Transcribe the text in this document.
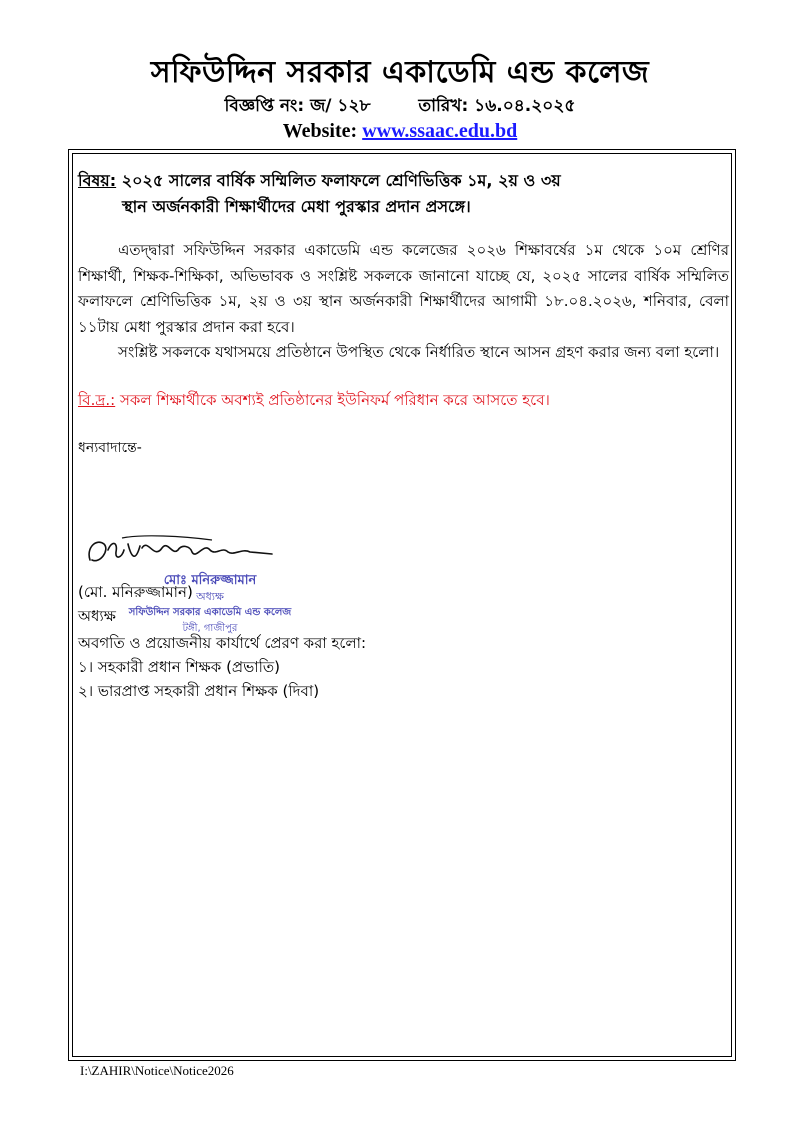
সফিউদ্দিন সরকার একাডেমি এন্ড কলেজ
বিজ্ঞপ্তি নং: জ/ ১২৮	তারিখ: ১৬.০৪.২০২৫
Website: www.ssaac.edu.bd
বিষয়: ২০২৫ সালের বার্ষিক সম্মিলিত ফলাফলে শ্রেণিভিত্তিক ১ম, ২য় ও ৩য়
স্থান অর্জনকারী শিক্ষার্থীদের মেধা পুরস্কার প্রদান প্রসঙ্গে।

এতদ্দ্বারা সফিউদ্দিন সরকার একাডেমি এন্ড কলেজের ২০২৬ শিক্ষাবর্ষের ১ম থেকে ১০ম শ্রেণির শিক্ষার্থী, শিক্ষক-শিক্ষিকা, অভিভাবক ও সংশ্লিষ্ট সকলকে জানানো যাচ্ছে যে, ২০২৫ সালের বার্ষিক সম্মিলিত ফলাফলে শ্রেণিভিত্তিক ১ম, ২য় ও ৩য় স্থান অর্জনকারী শিক্ষার্থীদের আগামী ১৮.০৪.২০২৬, শনিবার, বেলা ১১টায় মেধা পুরস্কার প্রদান করা হবে।

সংশ্লিষ্ট সকলকে যথাসময়ে প্রতিষ্ঠানে উপস্থিত থেকে নির্ধারিত স্থানে আসন গ্রহণ করার জন্য বলা হলো।

বি.দ্র.: সকল শিক্ষার্থীকে অবশ্যই প্রতিষ্ঠানের ইউনিফর্ম পরিধান করে আসতে হবে।
ধন্যবাদান্তে-
মোঃ মনিরুজ্জামান
অধ্যক্ষ
সফিউদ্দিন সরকার একাডেমি এন্ড কলেজ
টঙ্গী, গাজীপুর
(মো. মনিরুজ্জামান)
অধ্যক্ষ
অবগতি ও প্রয়োজনীয় কার্যার্থে প্রেরণ করা হলো:
১। সহকারী প্রধান শিক্ষক (প্রভাতি)
২। ভারপ্রাপ্ত সহকারী প্রধান শিক্ষক (দিবা)
I:\ZAHIR\Notice\Notice2026
